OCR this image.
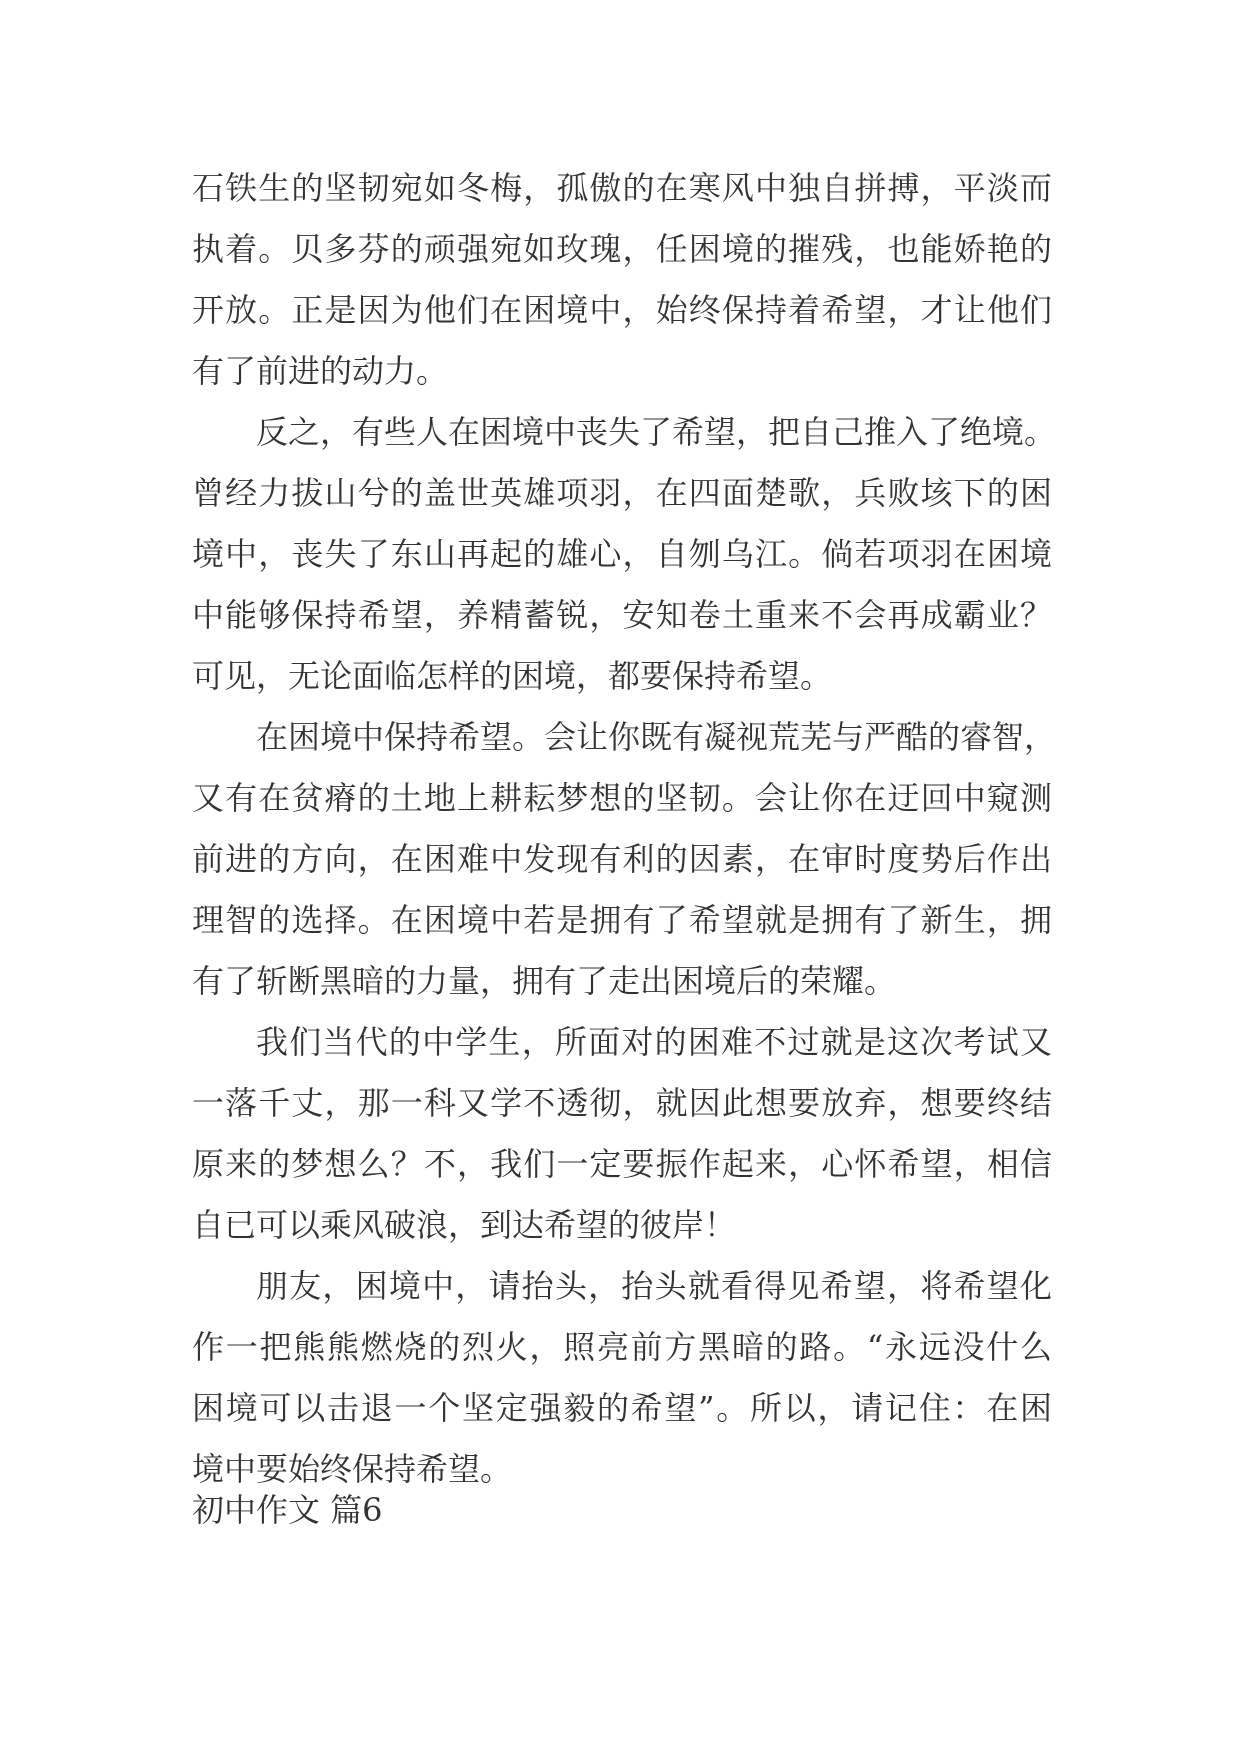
石铁生的坚韧宛如冬梅，孤傲的在寒风中独自拼搏，平淡而
执着。贝多芬的顽强宛如玫瑰，任困境的摧残，也能娇艳的
开放。正是因为他们在困境中，始终保持着希望，才让他们
有了前进的动力。
反之，有些人在困境中丧失了希望，把自己推入了绝境。
曾经力拔山兮的盖世英雄项羽，在四面楚歌，兵败垓下的困
境中，丧失了东山再起的雄心，自刎乌江。倘若项羽在困境
中能够保持希望，养精蓄锐，安知卷土重来不会再成霸业？
可见，无论面临怎样的困境，都要保持希望。
在困境中保持希望。会让你既有凝视荒芜与严酷的睿智，
又有在贫瘠的土地上耕耘梦想的坚韧。会让你在迂回中窥测
前进的方向，在困难中发现有利的因素，在审时度势后作出
理智的选择。在困境中若是拥有了希望就是拥有了新生，拥
有了斩断黑暗的力量，拥有了走出困境后的荣耀。
我们当代的中学生，所面对的困难不过就是这次考试又
一落千丈，那一科又学不透彻，就因此想要放弃，想要终结
原来的梦想么？不，我们一定要振作起来，心怀希望，相信
自已可以乘风破浪，到达希望的彼岸！
朋友，困境中，请抬头，抬头就看得见希望，将希望化
作一把熊熊燃烧的烈火，照亮前方黑暗的路。“永远没什么
困境可以击退一个坚定强毅的希望”。所以，请记住：在困
境中要始终保持希望。
初中作文 篇6
